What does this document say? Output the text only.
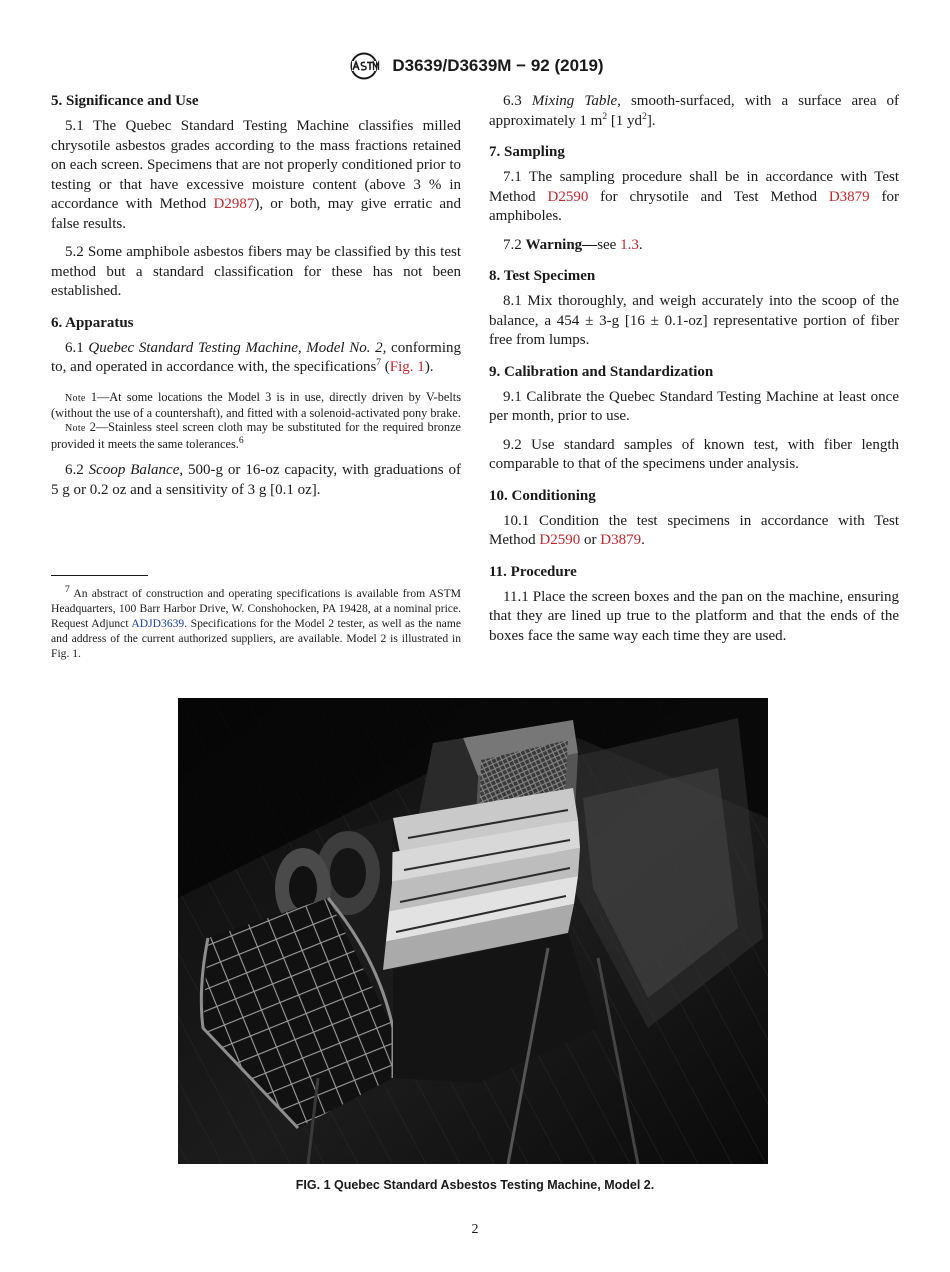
D3639/D3639M − 92 (2019)
5. Significance and Use

5.1 The Quebec Standard Testing Machine classifies milled chrysotile asbestos grades according to the mass fractions retained on each screen. Specimens that are not properly conditioned prior to testing or that have excessive moisture content (above 3 % in accordance with Method D2987), or both, may give erratic and false results.

5.2 Some amphibole asbestos fibers may be classified by this test method but a standard classification for these has not been established.

6. Apparatus

6.1 Quebec Standard Testing Machine, Model No. 2, conforming to, and operated in accordance with, the specifications$^7$ (Fig. 1).

Note 1—At some locations the Model 3 is in use, directly driven by V-belts (without the use of a countershaft), and fitted with a solenoid-activated pony brake.
Note 2—Stainless steel screen cloth may be substituted for the required bronze provided it meets the same tolerances.$^6$

6.2 Scoop Balance, 500-g or 16-oz capacity, with graduations of 5 g or 0.2 oz and a sensitivity of 3 g [0.1 oz].

$^7$ An abstract of construction and operating specifications is available from ASTM Headquarters, 100 Barr Harbor Drive, W. Conshohocken, PA 19428, at a nominal price. Request Adjunct ADJD3639. Specifications for the Model 2 tester, as well as the name and address of the current authorized suppliers, are available. Model 2 is illustrated in Fig. 1.

6.3 Mixing Table, smooth-surfaced, with a surface area of approximately 1 $m^2$ [1 $yd^2$].

7. Sampling

7.1 The sampling procedure shall be in accordance with Test Method D2590 for chrysotile and Test Method D3879 for amphiboles.

7.2 Warning—see 1.3.

8. Test Specimen

8.1 Mix thoroughly, and weigh accurately into the scoop of the balance, a 454 ± 3-g [16 ± 0.1-oz] representative portion of fiber free from lumps.

9. Calibration and Standardization

9.1 Calibrate the Quebec Standard Testing Machine at least once per month, prior to use.

9.2 Use standard samples of known test, with fiber length comparable to that of the specimens under analysis.

10. Conditioning

10.1 Condition the test specimens in accordance with Test Method D2590 or D3879.

11. Procedure

11.1 Place the screen boxes and the pan on the machine, ensuring that they are lined up true to the platform and that the ends of the boxes face the same way each time they are used.

FIG. 1 Quebec Standard Asbestos Testing Machine, Model 2.
2
